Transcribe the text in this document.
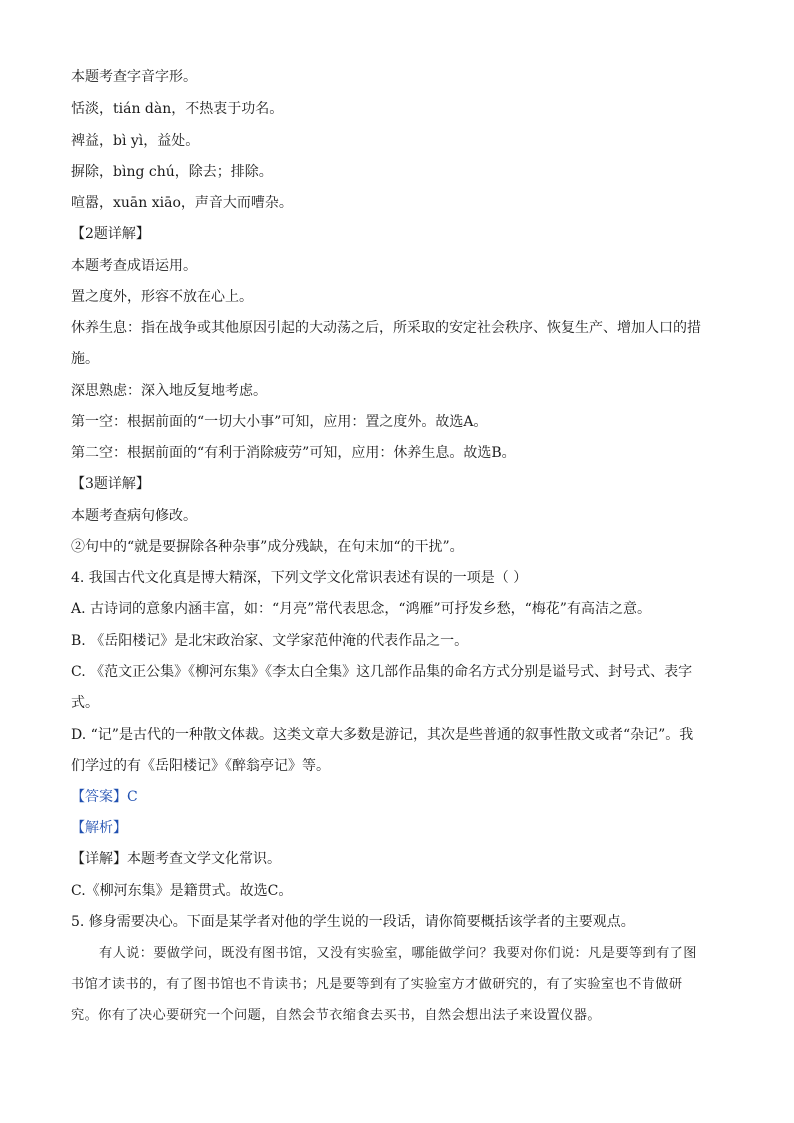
本题考查字音字形。
恬淡，tián dàn，不热衷于功名。
裨益，bì yì，益处。
摒除，bìng chú，除去；排除。
喧嚣，xuān xiāo，声音大而嘈杂。
【2题详解】
本题考查成语运用。
置之度外，形容不放在心上。
休养生息：指在战争或其他原因引起的大动荡之后，所采取的安定社会秩序、恢复生产、增加人口的措
施。
深思熟虑：深入地反复地考虑。
第一空：根据前面的“一切大小事”可知，应用：置之度外。故选A。
第二空：根据前面的“有利于消除疲劳”可知，应用：休养生息。故选B。
【3题详解】
本题考查病句修改。
②句中的“就是要摒除各种杂事”成分残缺，在句末加“的干扰”。
4. 我国古代文化真是博大精深，下列文学文化常识表述有误的一项是（ ）
A. 古诗词的意象内涵丰富，如：“月亮”常代表思念，“鸿雁”可抒发乡愁，“梅花”有高洁之意。
B. 《岳阳楼记》是北宋政治家、文学家范仲淹的代表作品之一。
C. 《范文正公集》《柳河东集》《李太白全集》这几部作品集的命名方式分别是谥号式、封号式、表字
式。
D. “记”是古代的一种散文体裁。这类文章大多数是游记，其次是些普通的叙事性散文或者“杂记”。我
们学过的有《岳阳楼记》《醉翁亭记》等。
【答案】C
【解析】
【详解】本题考查文学文化常识。
C.《柳河东集》是籍贯式。故选C。
5. 修身需要决心。下面是某学者对他的学生说的一段话，请你简要概括该学者的主要观点。
有人说：要做学问，既没有图书馆，又没有实验室，哪能做学问？我要对你们说：凡是要等到有了图
书馆才读书的，有了图书馆也不肯读书；凡是要等到有了实验室方才做研究的，有了实验室也不肯做研
究。你有了决心要研究一个问题，自然会节衣缩食去买书，自然会想出法子来设置仪器。
